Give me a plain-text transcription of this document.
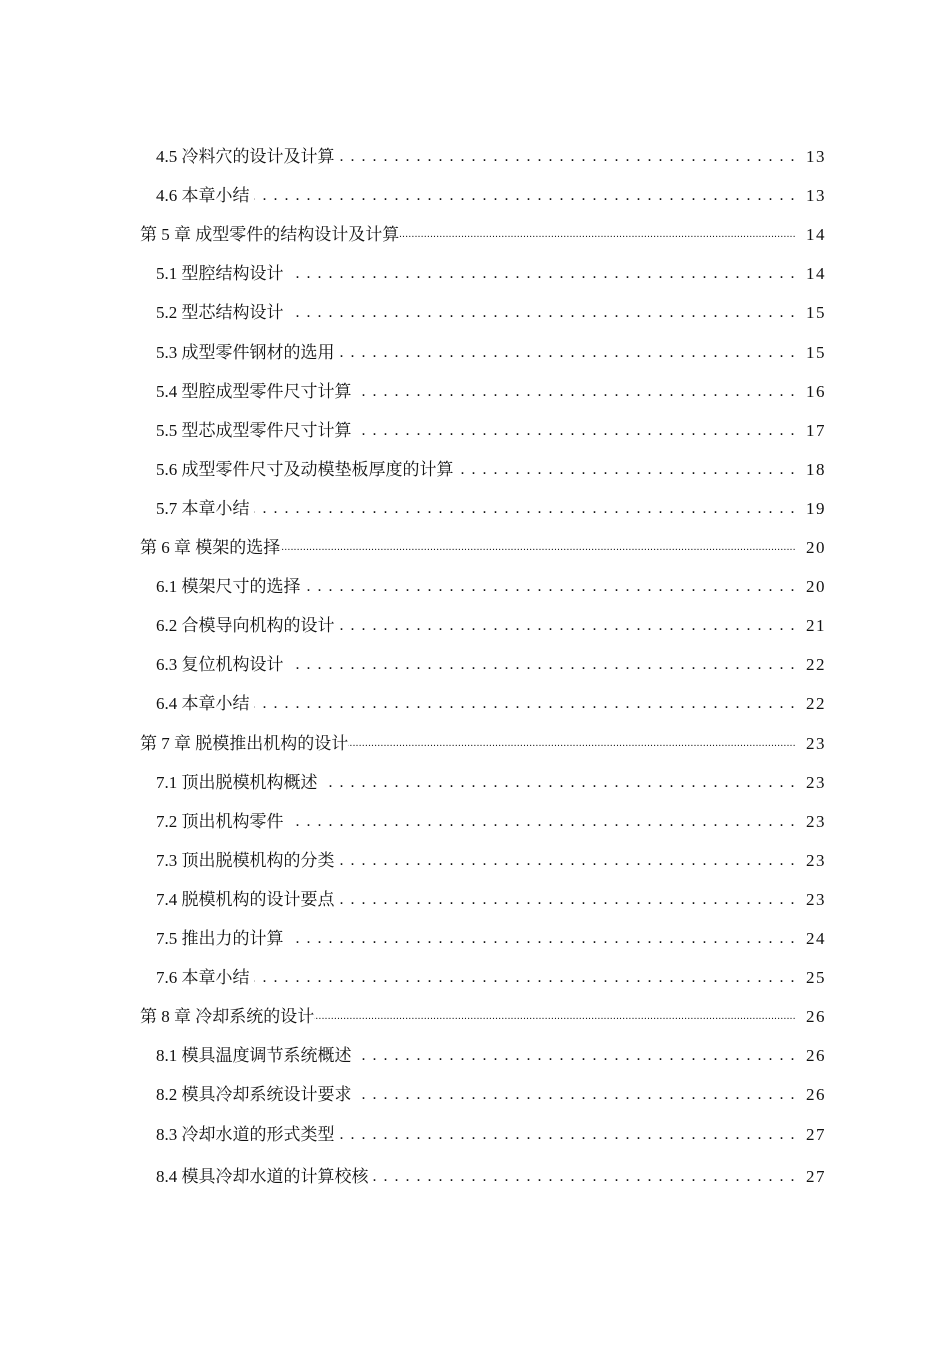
4.5 冷料穴的设计及计算 . . .	13
4.6 本章小结 . . .	13
第 5 章 成型零件的结构设计及计算 .....	14
5.1 型腔结构设计 . . .	14
5.2 型芯结构设计 . . .	15
5.3 成型零件钢材的选用 . . .	15
5.4 型腔成型零件尺寸计算 . . .	16
5.5 型芯成型零件尺寸计算 . . .	17
5.6 成型零件尺寸及动模垫板厚度的计算 . . .	18
5.7 本章小结 . . .	19
第 6 章 模架的选择 .....	20
6.1 模架尺寸的选择 . . .	20
6.2 合模导向机构的设计 . . .	21
6.3 复位机构设计 . . .	22
6.4 本章小结 . . .	22
第 7 章 脱模推出机构的设计 .....	23
7.1 顶出脱模机构概述 . . .	23
7.2 顶出机构零件 . . .	23
7.3 顶出脱模机构的分类 . . .	23
7.4 脱模机构的设计要点 . . .	23
7.5 推出力的计算 . . .	24
7.6 本章小结 . . .	25
第 8 章 冷却系统的设计 .....	26
8.1 模具温度调节系统概述 . . .	26
8.2 模具冷却系统设计要求 . . .	26
8.3 冷却水道的形式类型 . . .	27
8.4 模具冷却水道的计算校核 . . .	27
